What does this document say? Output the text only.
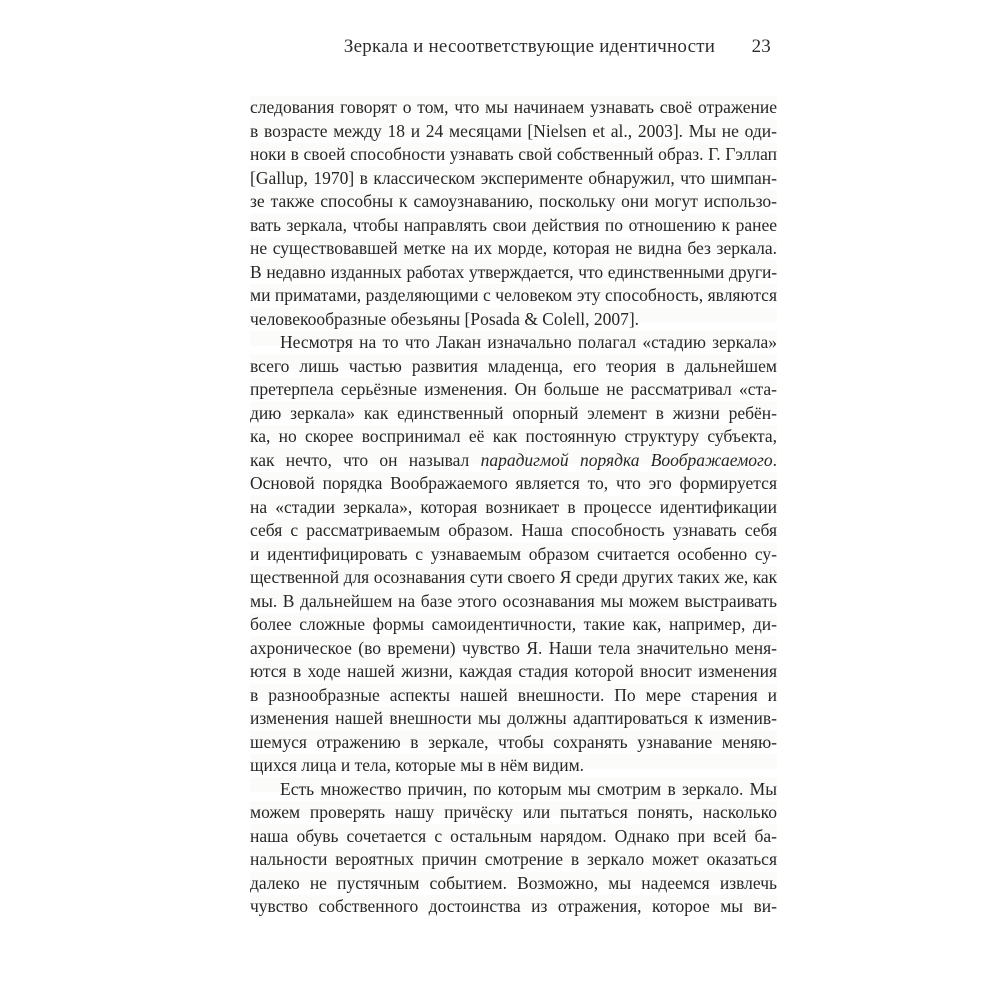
Зеркала и несоответствующие идентичности 23
следования говорят о том, что мы начинаем узнавать своё отражение
в возрасте между 18 и 24 месяцами [Nielsen et al., 2003]. Мы не оди-
ноки в своей способности узнавать свой собственный образ. Г. Гэллап
[Gallup, 1970] в классическом эксперименте обнаружил, что шимпан-
зе также способны к самоузнаванию, поскольку они могут использо-
вать зеркала, чтобы направлять свои действия по отношению к ранее
не существовавшей метке на их морде, которая не видна без зеркала.
В недавно изданных работах утверждается, что единственными други-
ми приматами, разделяющими с человеком эту способность, являются
человекообразные обезьяны [Posada & Colell, 2007].
Несмотря на то что Лакан изначально полагал «стадию зеркала»
всего лишь частью развития младенца, его теория в дальнейшем
претерпела серьёзные изменения. Он больше не рассматривал «ста-
дию зеркала» как единственный опорный элемент в жизни ребён-
ка, но скорее воспринимал её как постоянную структуру субъекта,
как нечто, что он называл парадигмой порядка Воображаемого.
Основой порядка Воображаемого является то, что эго формируется
на «стадии зеркала», которая возникает в процессе идентификации
себя с рассматриваемым образом. Наша способность узнавать себя
и идентифицировать с узнаваемым образом считается особенно су-
щественной для осознавания сути своего Я среди других таких же, как
мы. В дальнейшем на базе этого осознавания мы можем выстраивать
более сложные формы самоидентичности, такие как, например, ди-
ахроническое (во времени) чувство Я. Наши тела значительно меня-
ются в ходе нашей жизни, каждая стадия которой вносит изменения
в разнообразные аспекты нашей внешности. По мере старения и
изменения нашей внешности мы должны адаптироваться к изменив-
шемуся отражению в зеркале, чтобы сохранять узнавание меняю-
щихся лица и тела, которые мы в нём видим.
Есть множество причин, по которым мы смотрим в зеркало. Мы
можем проверять нашу причёску или пытаться понять, насколько
наша обувь сочетается с остальным нарядом. Однако при всей ба-
нальности вероятных причин смотрение в зеркало может оказаться
далеко не пустячным событием. Возможно, мы надеемся извлечь
чувство собственного достоинства из отражения, которое мы ви-
